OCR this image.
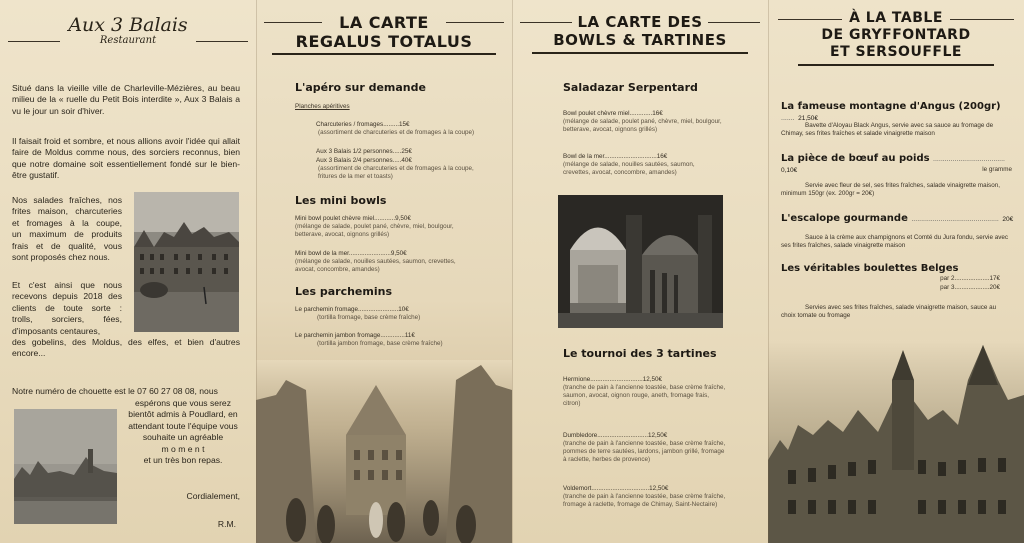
Aux 3 Balais
Restaurant
Situé dans la vieille ville de Charleville-Mézières, au beau milieu de la « ruelle du Petit Bois interdite », Aux 3 Balais a vu le jour un soir d'hiver.
Il faisait froid et sombre, et nous allions avoir l'idée qui allait faire de Moldus comme nous, des sorciers reconnus, bien que notre domaine soit essentiellement fondé sur le bien-être gustatif.
Nos salades fraîches, nos
frites maison, charcuteries
et fromages à la coupe,
un maximum de produits
frais et de qualité, vous
sont proposés chez nous.
Et c'est ainsi que nous
recevons depuis 2018 des
clients de toute sorte :
trolls, sorciers, fées,
d'imposants centaures,
des gobelins, des Moldus, des elfes, et bien d'autres encore...
Notre numéro de chouette est le 07 60 27 08 08, nous
espérons que vous serez
bientôt admis à Poudlard, en
attendant toute l'équipe vous
souhaite un agréable
m o m e n t
et un très bon repas.
Cordialement,
R.M.
LA CARTE
REGALUS TOTALUS
L'apéro sur demande
Planches apéritives
Charcuteries / fromages.........15€
(assortiment de charcuteries et de fromages à la coupe)
Aux 3 Balais 1/2 personnes.....25€
Aux 3 Balais 2/4 personnes.....40€
(assortiment de charcuteries et de fromages à la coupe, fritures de la mer et toasts)
Les mini bowls
Mini bowl poulet chèvre miel............9,50€
(mélange de salade, poulet pané, chèvre, miel, boulgour, betterave, avocat, oignons grillés)
Mini bowl de la mer........................9,50€
(mélange de salade, nouilles sautées, saumon, crevettes, avocat, concombre, amandes)
Les parchemins
Le parchemin fromage.......................10€
(tortilla fromage, base crème fraîche)
Le parchemin jambon fromage..............11€
(tortilla jambon fromage, base crème fraîche)
LA CARTE DES
BOWLS & TARTINES
Saladazar Serpentard
Bowl poulet chèvre miel.............16€
(mélange de salade, poulet pané, chèvre, miel, boulgour, betterave, avocat, oignons grillés)
Bowl de la mer..............................16€
(mélange de salade, nouilles sautées, saumon, crevettes, avocat, concombre, amandes)
Le tournoi des 3 tartines
Hermione..............................12,50€
(tranche de pain à l'ancienne toastée, base crème fraîche, saumon, avocat, oignon rouge, aneth, fromage frais, citron)
Dumbledore.............................12,50€
(tranche de pain à l'ancienne toastée, base crème fraîche, pommes de terre sautées, lardons, jambon grillé, fromage à raclette, herbes de provence)
Voldemort.................................12,50€
(tranche de pain à l'ancienne toastée, base crème fraîche, fromage à raclette, fromage de Chimay, Saint-Nectaire)
À LA TABLE
DE GRYFFONTARD
ET SERSOUFFLE
La fameuse montagne d'Angus (200gr) ....... 21,50€
Bavette d'Aloyau Black Angus, servie avec sa sauce au fromage de Chimay, ses frites fraîches et salade vinaigrette maison
La pièce de bœuf au poids ..................................... 0,10€	le gramme
Servie avec fleur de sel, ses frites fraîches, salade vinaigrette maison, minimum 150gr (ex. 200gr = 20€)
L'escalope gourmande ............................................. 20€
Sauce à la crème aux champignons et Comté du Jura fondu, servie avec ses frites fraîches, salade vinaigrette maison
Les véritables boulettes Belges
par 2....................17€
par 3....................20€
Servies avec ses frites fraîches, salade vinaigrette maison, sauce au choix tomate ou fromage
